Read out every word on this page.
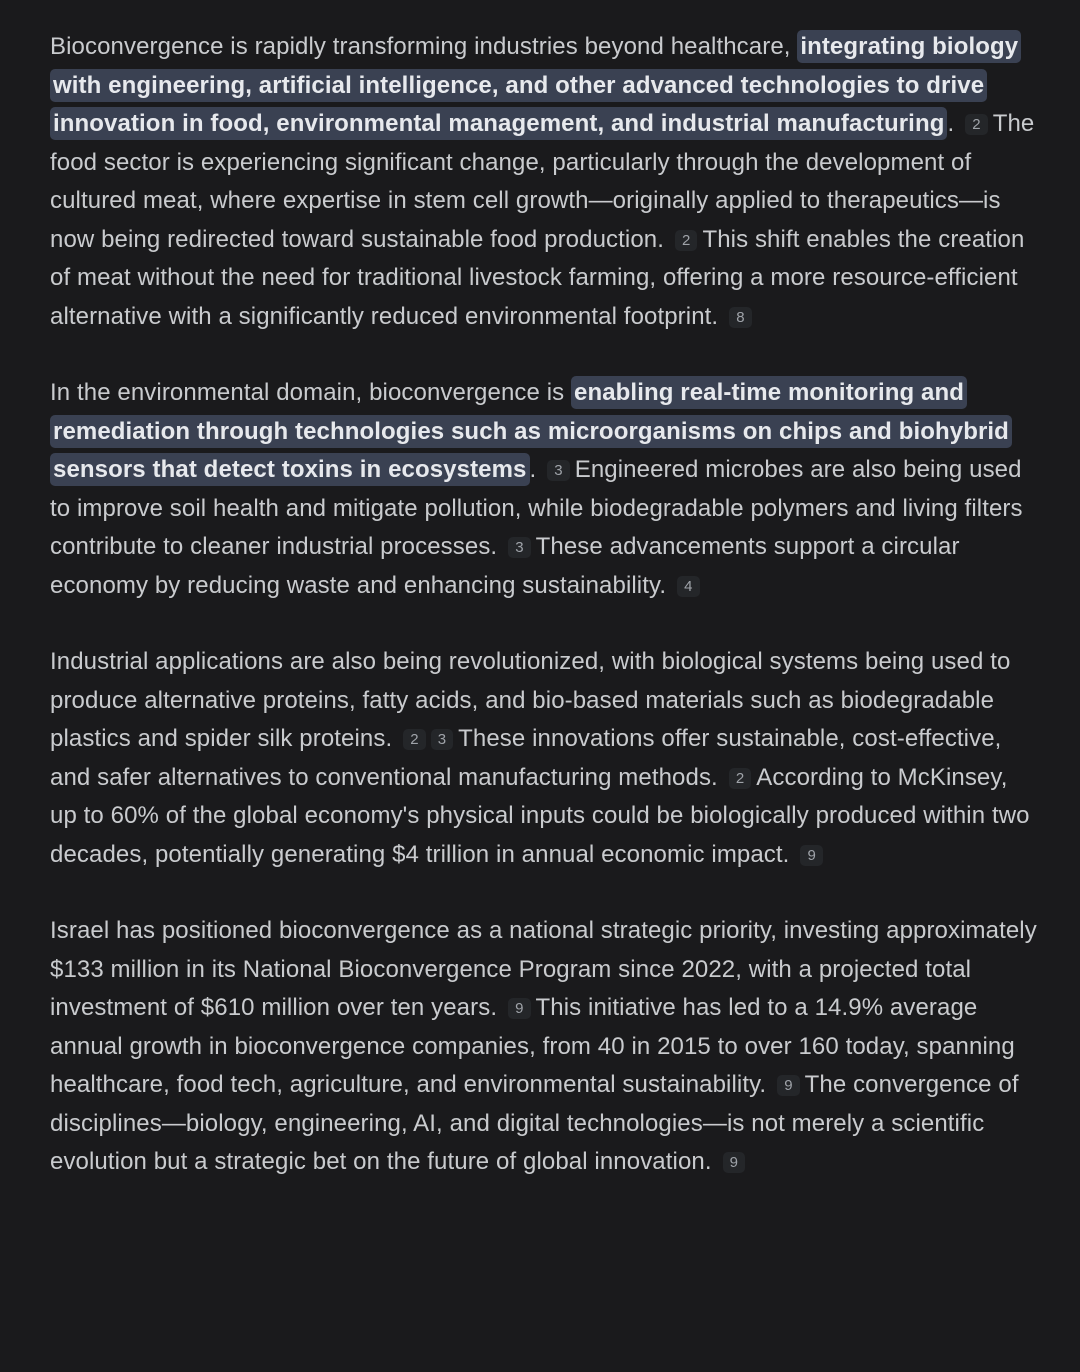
Bioconvergence is rapidly transforming industries beyond healthcare, integrating biology with engineering, artificial intelligence, and other advanced technologies to drive innovation in food, environmental management, and industrial manufacturing . 2 The food sector is experiencing significant change, particularly through the development of cultured meat, where expertise in stem cell growth—originally applied to therapeutics—is now being redirected toward sustainable food production. 2 This shift enables the creation of meat without the need for traditional livestock farming, offering a more resource-efficient alternative with a significantly reduced environmental footprint. 8

In the environmental domain, bioconvergence is enabling real-time monitoring and remediation through technologies such as microorganisms on chips and biohybrid sensors that detect toxins in ecosystems . 3 Engineered microbes are also being used to improve soil health and mitigate pollution, while biodegradable polymers and living filters contribute to cleaner industrial processes. 3 These advancements support a circular economy by reducing waste and enhancing sustainability. 4

Industrial applications are also being revolutionized, with biological systems being used to produce alternative proteins, fatty acids, and bio-based materials such as biodegradable plastics and spider silk proteins. 2 3 These innovations offer sustainable, cost-effective, and safer alternatives to conventional manufacturing methods. 2 According to McKinsey, up to 60% of the global economy's physical inputs could be biologically produced within two decades, potentially generating $4 trillion in annual economic impact. 9

Israel has positioned bioconvergence as a national strategic priority, investing approximately $133 million in its National Bioconvergence Program since 2022, with a projected total investment of $610 million over ten years. 9 This initiative has led to a 14.9% average annual growth in bioconvergence companies, from 40 in 2015 to over 160 today, spanning healthcare, food tech, agriculture, and environmental sustainability. 9 The convergence of disciplines—biology, engineering, AI, and digital technologies—is not merely a scientific evolution but a strategic bet on the future of global innovation. 9
